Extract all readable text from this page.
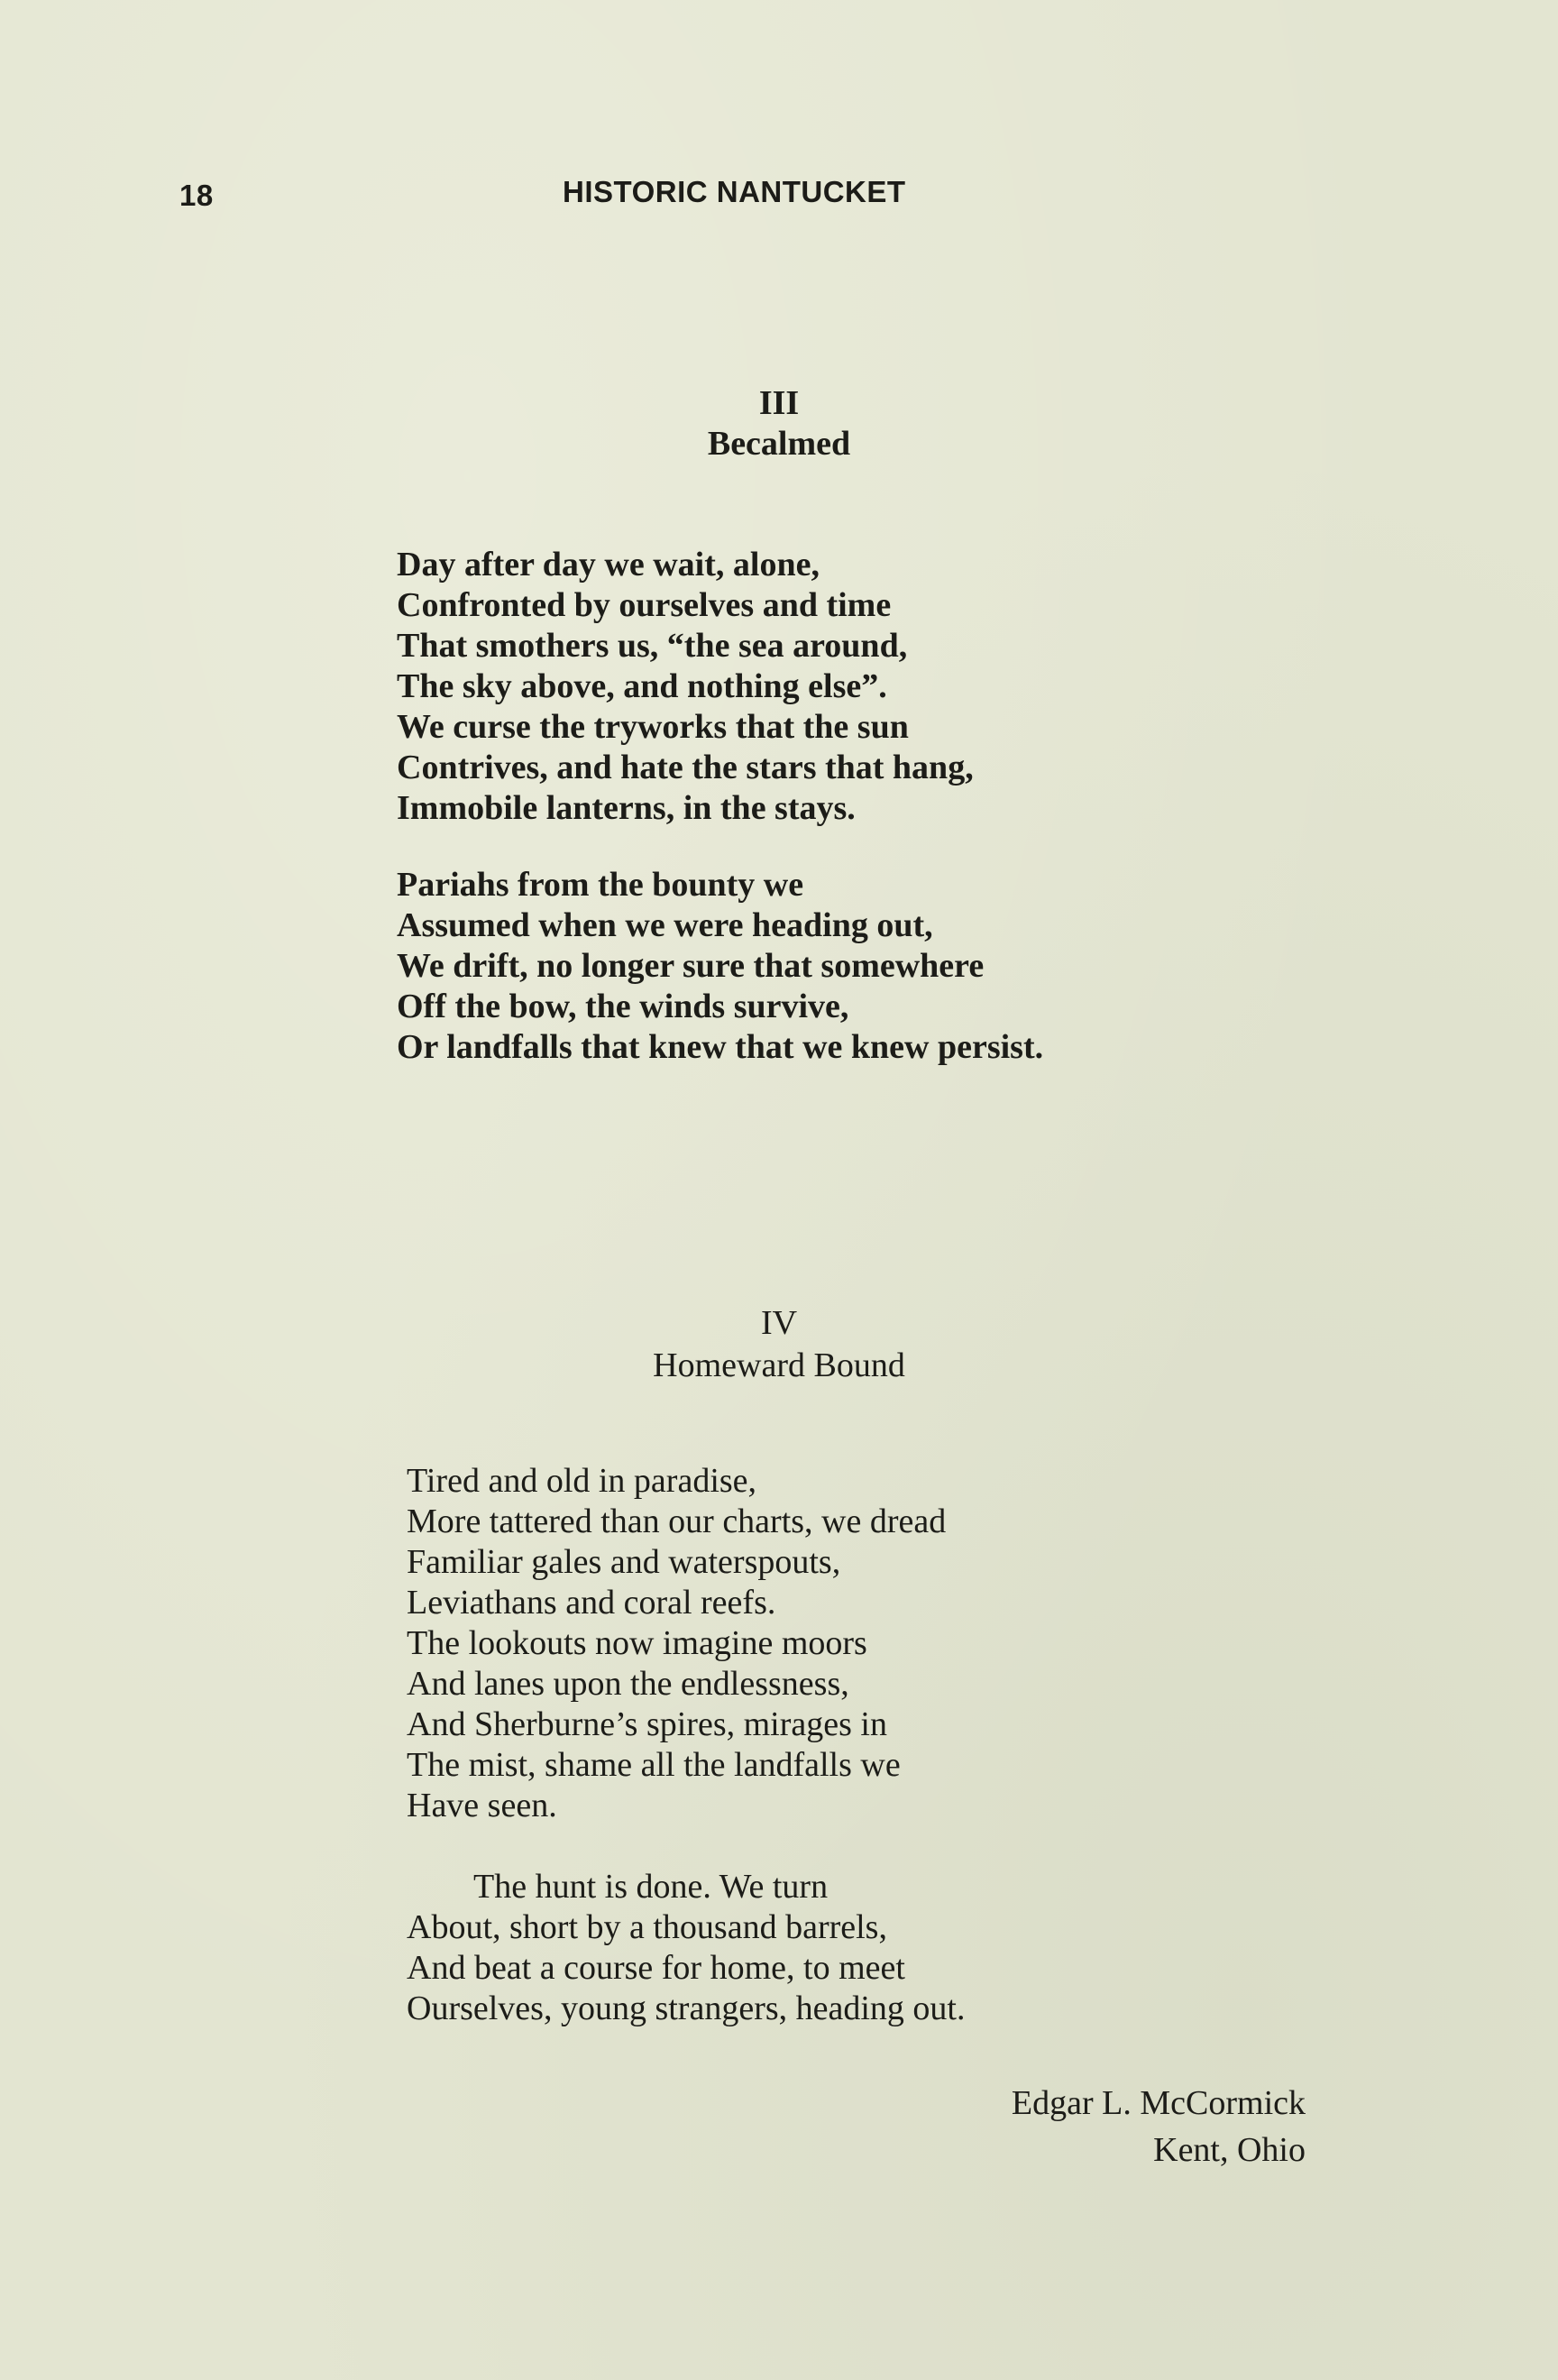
18	HISTORIC NANTUCKET
III
Becalmed
Day after day we wait, alone,
Confronted by ourselves and time
That smothers us, “the sea around,
The sky above, and nothing else”.
We curse the tryworks that the sun
Contrives, and hate the stars that hang,
Immobile lanterns, in the stays.
Pariahs from the bounty we
Assumed when we were heading out,
We drift, no longer sure that somewhere
Off the bow, the winds survive,
Or landfalls that knew that we knew persist.
IV
Homeward Bound
Tired and old in paradise,
More tattered than our charts, we dread
Familiar gales and waterspouts,
Leviathans and coral reefs.
The lookouts now imagine moors
And lanes upon the endlessness,
And Sherburne’s spires, mirages in
The mist, shame all the landfalls we
Have seen.
The hunt is done. We turn
About, short by a thousand barrels,
And beat a course for home, to meet
Ourselves, young strangers, heading out.
Edgar L. McCormick
Kent, Ohio
